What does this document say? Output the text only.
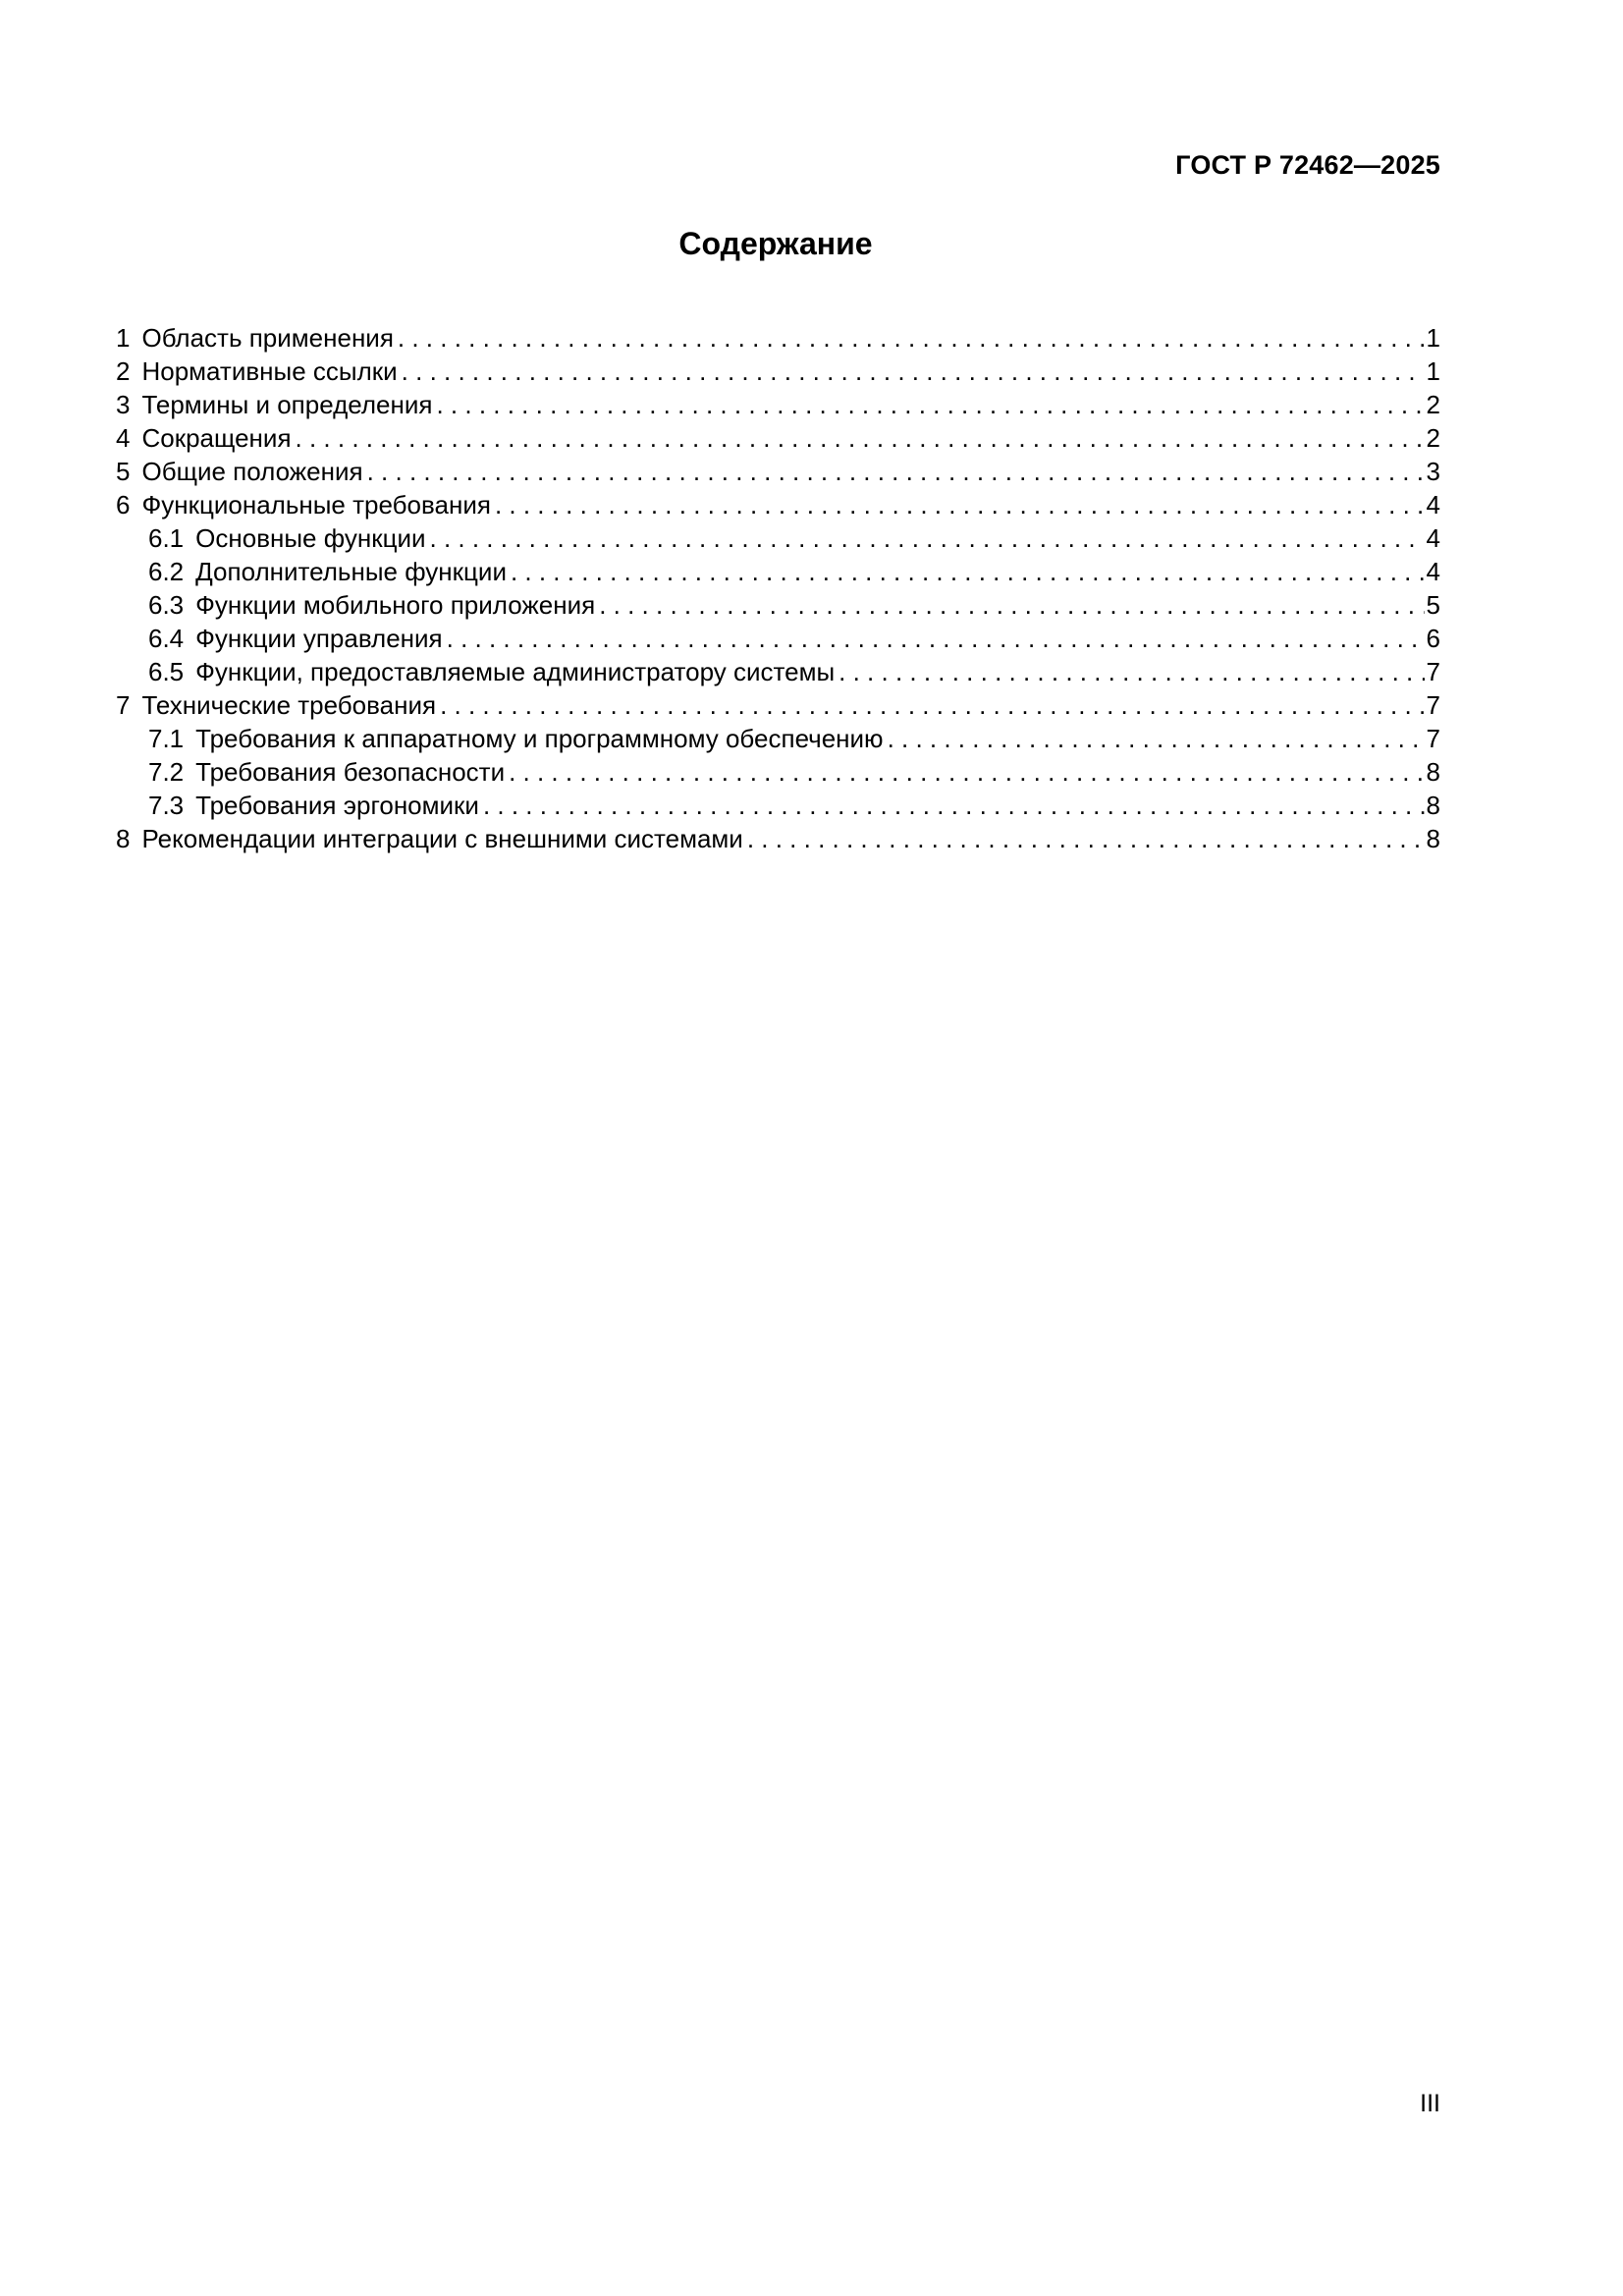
ГОСТ Р 72462—2025
Содержание
1 Область применения . . .	1
2 Нормативные ссылки . . .	1
3 Термины и определения . . .	2
4 Сокращения . . .	2
5 Общие положения . . .	3
6 Функциональные требования . . .	4
6.1 Основные функции . . .	4
6.2 Дополнительные функции . . .	4
6.3 Функции мобильного приложения . . .	5
6.4 Функции управления . . .	6
6.5 Функции, предоставляемые администратору системы . . .	7
7 Технические требования . . .	7
7.1 Требования к аппаратному и программному обеспечению . . .	7
7.2 Требования безопасности . . .	8
7.3 Требования эргономики . . .	8
8 Рекомендации интеграции с внешними системами . . .	8
III
